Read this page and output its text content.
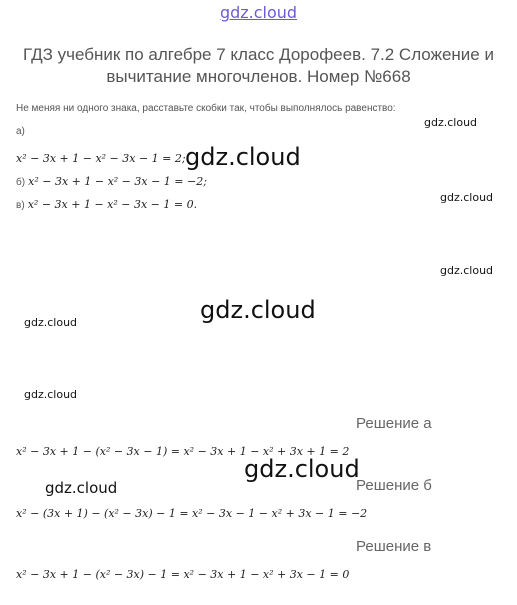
gdz.cloud
ГДЗ учебник по алгебре 7 класс Дорофеев. 7.2 Сложение и вычитание многочленов. Номер №668
Не меняя ни одного знака, расставьте скобки так, чтобы выполнялось равенство:
а)
gdz.cloud
x² − 3x + 1 − x² − 3x − 1 = 2; gdz.cloud
б) x² − 3x + 1 − x² − 3x − 1 = −2;
gdz.cloud
в) x² − 3x + 1 − x² − 3x − 1 = 0.
gdz.cloud
gdz.cloud
gdz.cloud
gdz.cloud
Решение а
x² − 3x + 1 − (x² − 3x − 1) = x² − 3x + 1 − x² + 3x + 1 = 2
gdz.cloud
gdz.cloud	Решение б
x² − (3x + 1) − (x² − 3x) − 1 = x² − 3x − 1 − x² + 3x − 1 = −2
Решение в
x² − 3x + 1 − (x² − 3x) − 1 = x² − 3x + 1 − x² + 3x − 1 = 0
